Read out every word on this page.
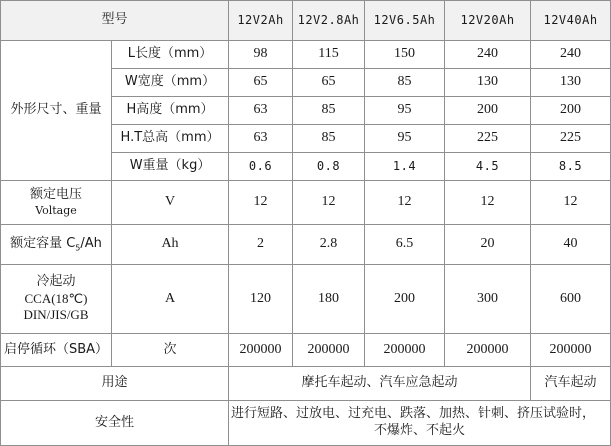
型号		12V2Ah	12V2.8Ah	12V6.5Ah	12V20Ah	12V40Ah
外形尺寸、重量	L长度（mm）	98	115	150	240	240
	W宽度（mm）	65	65	85	130	130
	H高度（mm）	63	85	95	200	200
	H.T总高（mm）	63	85	95	225	225
	W重量（kg）	0.6	0.8	1.4	4.5	8.5

额定电压
Voltage	V	12	12	12	12	12
额定容量 $C_5/Ah$	Ah	2	2.8	6.5	20	40

冷起动
CCA(18℃)
DIN/JIS/GB	A	120	180	200	300	600
启停循环（SBA）	次	200000	200000	200000	200000	200000
用途		摩托车起动、汽车应急起动				汽车起动
安全性		进行短路、过放电、过充电、跌落、加热、针刺、挤压试验时，
不爆炸、不起火				
